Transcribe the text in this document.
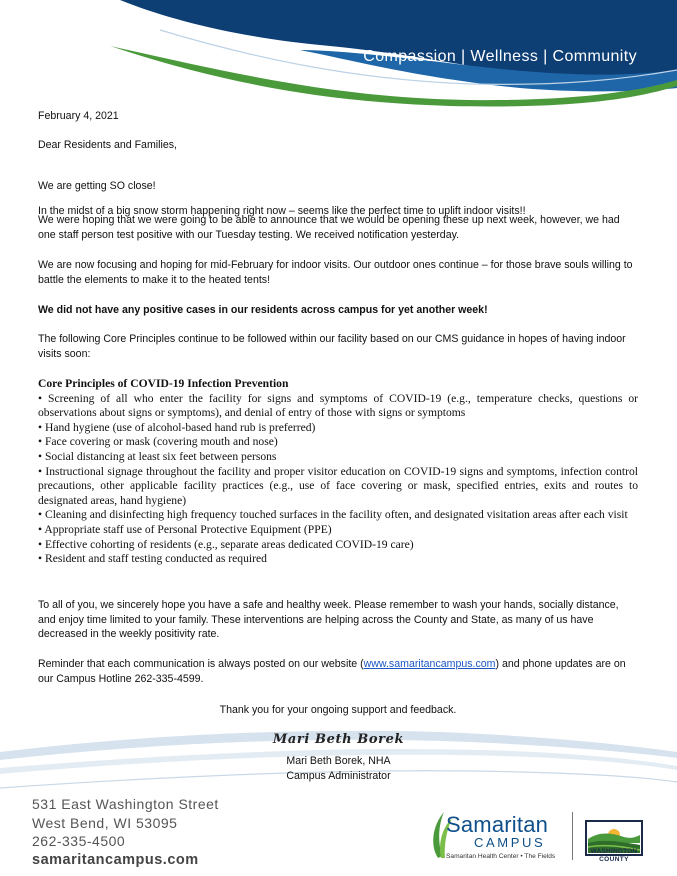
Compassion | Wellness | Community
February 4, 2021
Dear Residents and Families,

We are getting SO close!

In the midst of a big snow storm happening right now – seems like the perfect time to uplift indoor visits!!

We were hoping that we were going to be able to announce that we would be opening these up next week, however, we had one staff person test positive with our Tuesday testing. We received notification yesterday.
We are now focusing and hoping for mid-February for indoor visits. Our outdoor ones continue – for those brave souls willing to battle the elements to make it to the heated tents!
We did not have any positive cases in our residents across campus for yet another week!
The following Core Principles continue to be followed within our facility based on our CMS guidance in hopes of having indoor visits soon:
Core Principles of COVID-19 Infection Prevention
• Screening of all who enter the facility for signs and symptoms of COVID-19 (e.g., temperature checks, questions or observations about signs or symptoms), and denial of entry of those with signs or symptoms
• Hand hygiene (use of alcohol-based hand rub is preferred)
• Face covering or mask (covering mouth and nose)
• Social distancing at least six feet between persons
• Instructional signage throughout the facility and proper visitor education on COVID-19 signs and symptoms, infection control precautions, other applicable facility practices (e.g., use of face covering or mask, specified entries, exits and routes to designated areas, hand hygiene)
• Cleaning and disinfecting high frequency touched surfaces in the facility often, and designated visitation areas after each visit
• Appropriate staff use of Personal Protective Equipment (PPE)
• Effective cohorting of residents (e.g., separate areas dedicated COVID-19 care)
• Resident and staff testing conducted as required
To all of you, we sincerely hope you have a safe and healthy week. Please remember to wash your hands, socially distance, and enjoy time limited to your family. These interventions are helping across the County and State, as many of us have decreased in the weekly positivity rate.
Reminder that each communication is always posted on our website (www.samaritancampus.com) and phone updates are on our Campus Hotline 262-335-4599.
Thank you for your ongoing support and feedback.
Mari Beth Borek
Mari Beth Borek, NHA
Campus Administrator
531 East Washington Street
West Bend, WI 53095
262-335-4500
samaritancampus.com
Samaritan
CAMPUS
Samaritan Health Center • The Fields
WASHINGTON
COUNTY
